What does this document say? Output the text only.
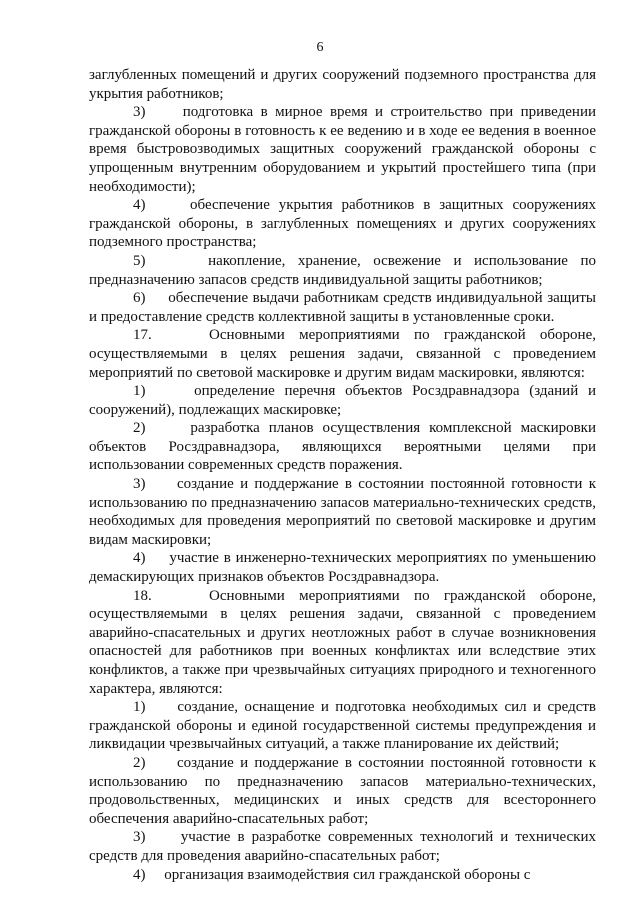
6

заглубленных помещений и других сооружений подземного пространства для укрытия работников;

3)     подготовка в мирное время и строительство при приведении гражданской обороны в готовность к ее ведению и в ходе ее ведения в военное время быстровозводимых защитных сооружений гражданской обороны с упрощенным внутренним оборудованием и укрытий простейшего типа (при необходимости);

4)     обеспечение укрытия работников в защитных сооружениях гражданской обороны, в заглубленных помещениях и других сооружениях подземного пространства;

5)     накопление, хранение, освежение и использование по предназначению запасов средств индивидуальной защиты работников;

6)     обеспечение выдачи работникам средств индивидуальной защиты и предоставление средств коллективной защиты в установленные сроки.

17.    Основными мероприятиями по гражданской обороне, осуществляемыми в целях решения задачи, связанной с проведением мероприятий по световой маскировке и другим видам маскировки, являются:

1)     определение перечня объектов Росздравнадзора (зданий и сооружений), подлежащих маскировке;

2)     разработка планов осуществления комплексной маскировки объектов Росздравнадзора, являющихся вероятными целями при использовании современных средств поражения.

3)     создание и поддержание в состоянии постоянной готовности к использованию по предназначению запасов материально-технических средств, необходимых для проведения мероприятий по световой маскировке и другим видам маскировки;

4)     участие в инженерно-технических мероприятиях по уменьшению демаскирующих признаков объектов Росздравнадзора.

18.    Основными мероприятиями по гражданской обороне, осуществляемыми в целях решения задачи, связанной с проведением аварийно-спасательных и других неотложных работ в случае возникновения опасностей для работников при военных конфликтах или вследствие этих конфликтов, а также при чрезвычайных ситуациях природного и техногенного характера, являются:

1)     создание, оснащение и подготовка необходимых сил и средств гражданской обороны и единой государственной системы предупреждения и ликвидации чрезвычайных ситуаций, а также планирование их действий;

2)     создание и поддержание в состоянии постоянной готовности к использованию по предназначению запасов материально-технических, продовольственных, медицинских и иных средств для всестороннего обеспечения аварийно-спасательных работ;

3)     участие в разработке современных технологий и технических средств для проведения аварийно-спасательных работ;

4)     организация взаимодействия сил гражданской обороны с
